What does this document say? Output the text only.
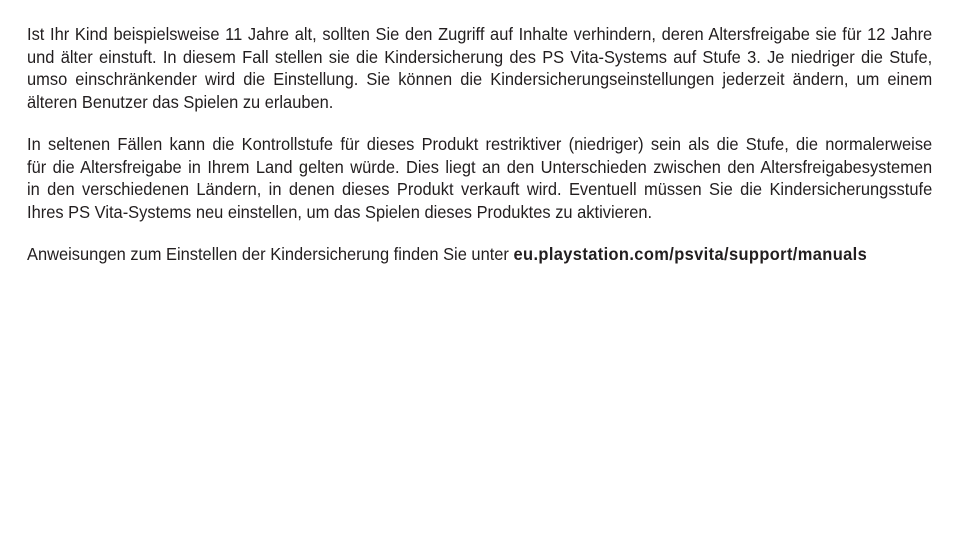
Ist Ihr Kind beispielsweise 11 Jahre alt, sollten Sie den Zugriff auf Inhalte verhindern, deren Altersfreigabe sie für 12 Jahre
und älter einstuft. In diesem Fall stellen sie die Kindersicherung des PS Vita-Systems auf Stufe 3. Je niedriger die Stufe,
umso einschränkender wird die Einstellung. Sie können die Kindersicherungseinstellungen jederzeit ändern, um einem
älteren Benutzer das Spielen zu erlauben.
In seltenen Fällen kann die Kontrollstufe für dieses Produkt restriktiver (niedriger) sein als die Stufe, die normalerweise
für die Altersfreigabe in Ihrem Land gelten würde. Dies liegt an den Unterschieden zwischen den Altersfreigabesystemen
in den verschiedenen Ländern, in denen dieses Produkt verkauft wird. Eventuell müssen Sie die Kindersicherungsstufe
Ihres PS Vita-Systems neu einstellen, um das Spielen dieses Produktes zu aktivieren.

Anweisungen zum Einstellen der Kindersicherung finden Sie unter eu.playstation.com/psvita/support/manuals
